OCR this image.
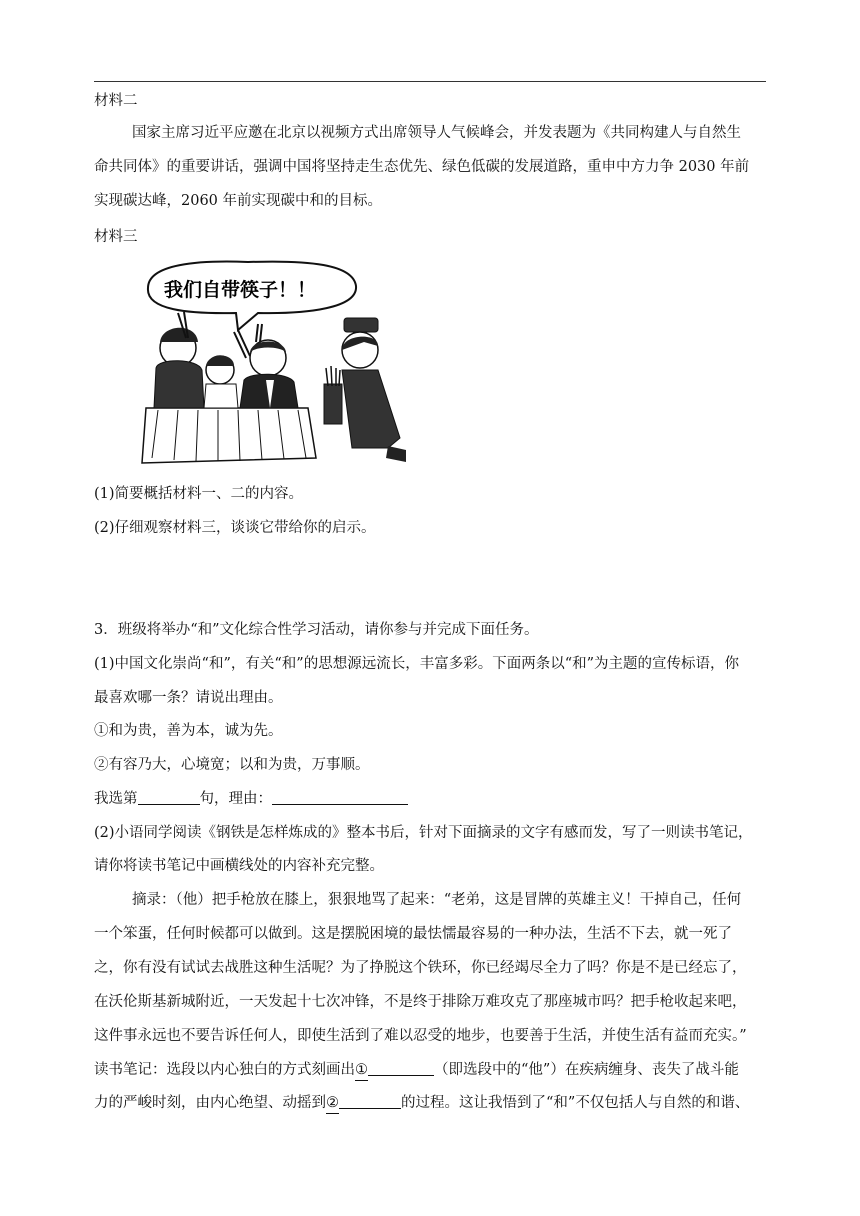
材料二
国家主席习近平应邀在北京以视频方式出席领导人气候峰会，并发表题为《共同构建人与自然生
命共同体》的重要讲话，强调中国将坚持走生态优先、绿色低碳的发展道路，重申中方力争 2030 年前
实现碳达峰，2060 年前实现碳中和的目标。
材料三
我们自带筷子！！
(1)简要概括材料一、二的内容。
(2)仔细观察材料三，谈谈它带给你的启示。
3．班级将举办“和”文化综合性学习活动，请你参与并完成下面任务。
(1)中国文化崇尚“和”，有关“和”的思想源远流长，丰富多彩。下面两条以“和”为主题的宣传标语，你
最喜欢哪一条？请说出理由。
①和为贵，善为本，诚为先。
②有容乃大，心境宽；以和为贵，万事顺。
我选第	句，理由：
(2)小语同学阅读《钢铁是怎样炼成的》整本书后，针对下面摘录的文字有感而发，写了一则读书笔记，
请你将读书笔记中画横线处的内容补充完整。
摘录：（他）把手枪放在膝上，狠狠地骂了起来：“老弟，这是冒牌的英雄主义！干掉自己，任何
一个笨蛋，任何时候都可以做到。这是摆脱困境的最怯懦最容易的一种办法，生活不下去，就一死了
之，你有没有试试去战胜这种生活呢？为了挣脱这个铁环，你已经竭尽全力了吗？你是不是已经忘了，
在沃伦斯基新城附近，一天发起十七次冲锋，不是终于排除万难攻克了那座城市吗？把手枪收起来吧，
这件事永远也不要告诉任何人，即使生活到了难以忍受的地步，也要善于生活，并使生活有益而充实。”
读书笔记：选段以内心独白的方式刻画出①	（即选段中的“他”）在疾病缠身、丧失了战斗能
力的严峻时刻，由内心绝望、动摇到②	的过程。这让我悟到了“和”不仅包括人与自然的和谐、
